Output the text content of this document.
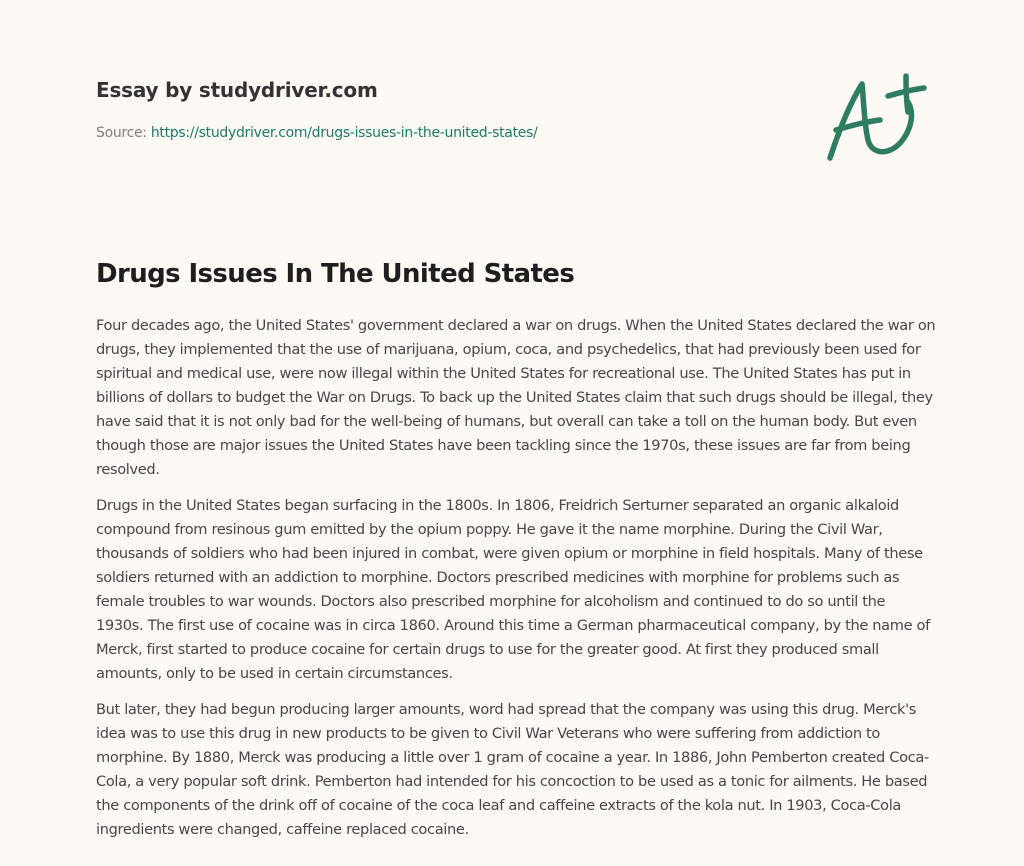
Essay by studydriver.com
Source: https://studydriver.com/drugs-issues-in-the-united-states/
Drugs Issues In The United States

Four decades ago, the United States' government declared a war on drugs. When the United States declared the war on drugs, they implemented that the use of marijuana, opium, coca, and psychedelics, that had previously been used for spiritual and medical use, were now illegal within the United States for recreational use. The United States has put in billions of dollars to budget the War on Drugs. To back up the United States claim that such drugs should be illegal, they have said that it is not only bad for the well-being of humans, but overall can take a toll on the human body. But even though those are major issues the United States have been tackling since the 1970s, these issues are far from being resolved.

Drugs in the United States began surfacing in the 1800s. In 1806, Freidrich Serturner separated an organic alkaloid compound from resinous gum emitted by the opium poppy. He gave it the name morphine. During the Civil War, thousands of soldiers who had been injured in combat, were given opium or morphine in field hospitals. Many of these soldiers returned with an addiction to morphine. Doctors prescribed medicines with morphine for problems such as female troubles to war wounds. Doctors also prescribed morphine for alcoholism and continued to do so until the 1930s. The first use of cocaine was in circa 1860. Around this time a German pharmaceutical company, by the name of Merck, first started to produce cocaine for certain drugs to use for the greater good. At first they produced small amounts, only to be used in certain circumstances.

But later, they had begun producing larger amounts, word had spread that the company was using this drug. Merck's idea was to use this drug in new products to be given to Civil War Veterans who were suffering from addiction to morphine. By 1880, Merck was producing a little over 1 gram of cocaine a year. In 1886, John Pemberton created Coca-Cola, a very popular soft drink. Pemberton had intended for his concoction to be used as a tonic for ailments. He based the components of the drink off of cocaine of the coca leaf and caffeine extracts of the kola nut. In 1903, Coca-Cola ingredients were changed, caffeine replaced cocaine.
